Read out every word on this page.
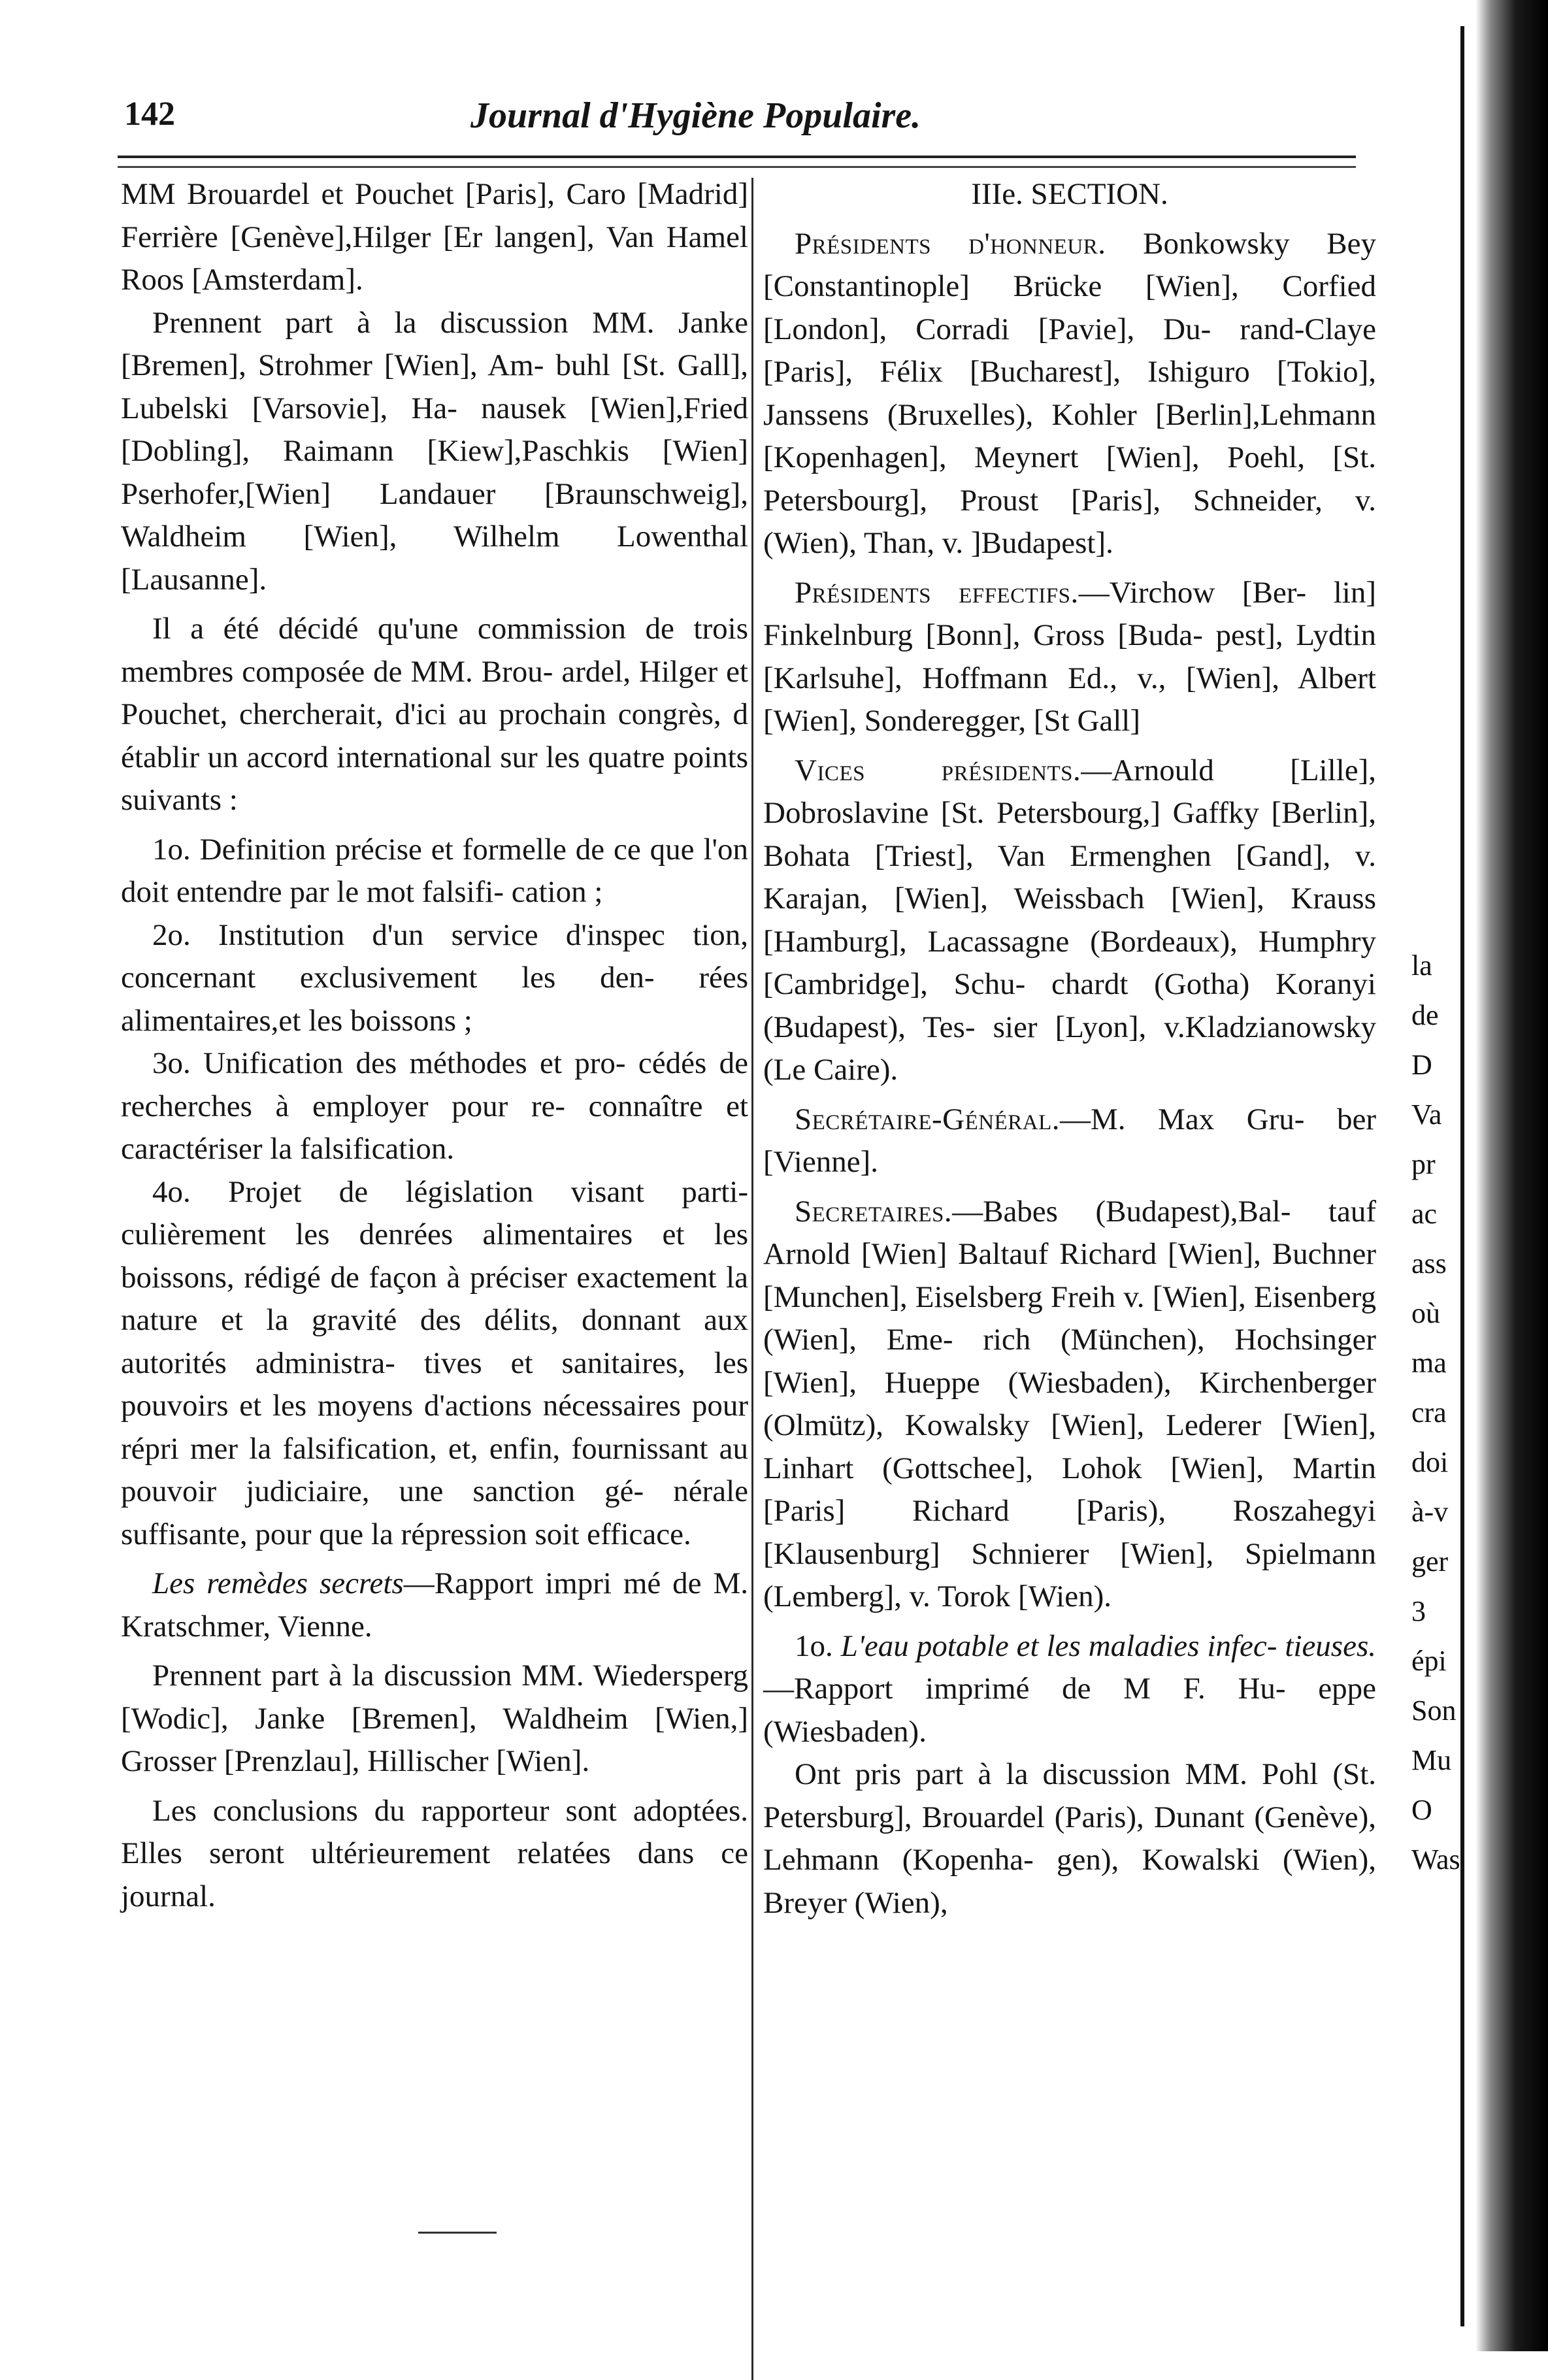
142	Journal d'Hygiène Populaire.

MM Brouardel et Pouchet [Paris], Caro [Madrid] Ferrière [Genève],Hilger [Er langen], Van Hamel Roos [Amsterdam].

Prennent part à la discussion MM. Janke [Bremen], Strohmer [Wien], Am- buhl [St. Gall], Lubelski [Varsovie], Ha- nausek [Wien],Fried [Dobling], Raimann [Kiew],Paschkis [Wien] Pserhofer,[Wien] Landauer [Braunschweig], Waldheim [Wien], Wilhelm Lowenthal [Lausanne].

Il a été décidé qu'une commission de trois membres composée de MM. Brou- ardel, Hilger et Pouchet, chercherait, d'ici au prochain congrès, d établir un accord international sur les quatre points suivants :

1o. Definition précise et formelle de ce que l'on doit entendre par le mot falsifi- cation ;

2o. Institution d'un service d'inspec tion, concernant exclusivement les den- rées alimentaires,et les boissons ;

3o. Unification des méthodes et pro- cédés de recherches à employer pour re- connaître et caractériser la falsification.

4o. Projet de législation visant parti- culièrement les denrées alimentaires et les boissons, rédigé de façon à préciser exactement la nature et la gravité des délits, donnant aux autorités administra- tives et sanitaires, les pouvoirs et les moyens d'actions nécessaires pour répri mer la falsification, et, enfin, fournissant au pouvoir judiciaire, une sanction gé- nérale suffisante, pour que la répression soit efficace.

Les remèdes secrets—Rapport impri mé de M. Kratschmer, Vienne.

Prennent part à la discussion MM. Wiedersperg [Wodic], Janke [Bremen], Waldheim [Wien,] Grosser [Prenzlau], Hillischer [Wien].

Les conclusions du rapporteur sont adoptées. Elles seront ultérieurement relatées dans ce journal.

IIIe. SECTION.

Présidents d'honneur. Bonkowsky Bey [Constantinople] Brücke [Wien], Corfied [London], Corradi [Pavie], Du- rand-Claye [Paris], Félix [Bucharest], Ishiguro [Tokio], Janssens (Bruxelles), Kohler [Berlin],Lehmann [Kopenhagen], Meynert [Wien], Poehl, [St. Petersbourg], Proust [Paris], Schneider, v. (Wien), Than, v. ]Budapest].

Présidents effectifs.—Virchow [Ber- lin] Finkelnburg [Bonn], Gross [Buda- pest], Lydtin [Karlsuhe], Hoffmann Ed., v., [Wien], Albert [Wien], Sonderegger, [St Gall]

Vices présidents.—Arnould [Lille], Dobroslavine [St. Petersbourg,] Gaffky [Berlin], Bohata [Triest], Van Ermenghen [Gand], v. Karajan, [Wien], Weissbach [Wien], Krauss [Hamburg], Lacassagne (Bordeaux), Humphry [Cambridge], Schu- chardt (Gotha) Koranyi (Budapest), Tes- sier [Lyon], v.Kladzianowsky (Le Caire).

Secrétaire-Général.—M. Max Gru- ber [Vienne].

Secretaires.—Babes (Budapest),Bal- tauf Arnold [Wien] Baltauf Richard [Wien], Buchner [Munchen], Eiselsberg Freih v. [Wien], Eisenberg (Wien], Eme- rich (München), Hochsinger [Wien], Hueppe (Wiesbaden), Kirchenberger (Olmütz), Kowalsky [Wien], Lederer [Wien], Linhart (Gottschee], Lohok [Wien], Martin [Paris] Richard [Paris), Roszahegyi [Klausenburg] Schnierer [Wien], Spielmann (Lemberg], v. Torok [Wien).

1o. L'eau potable et les maladies infec- tieuses. —Rapport imprimé de M F. Hu- eppe (Wiesbaden).

Ont pris part à la discussion MM. Pohl (St. Petersburg], Brouardel (Paris), Dunant (Genève), Lehmann (Kopenha- gen), Kowalski (Wien), Breyer (Wien),

la
de
D
Va
pr
ac
ass
où
ma
cra
doi
à-v
ger
3
épi
Son
Mu
O
Was
